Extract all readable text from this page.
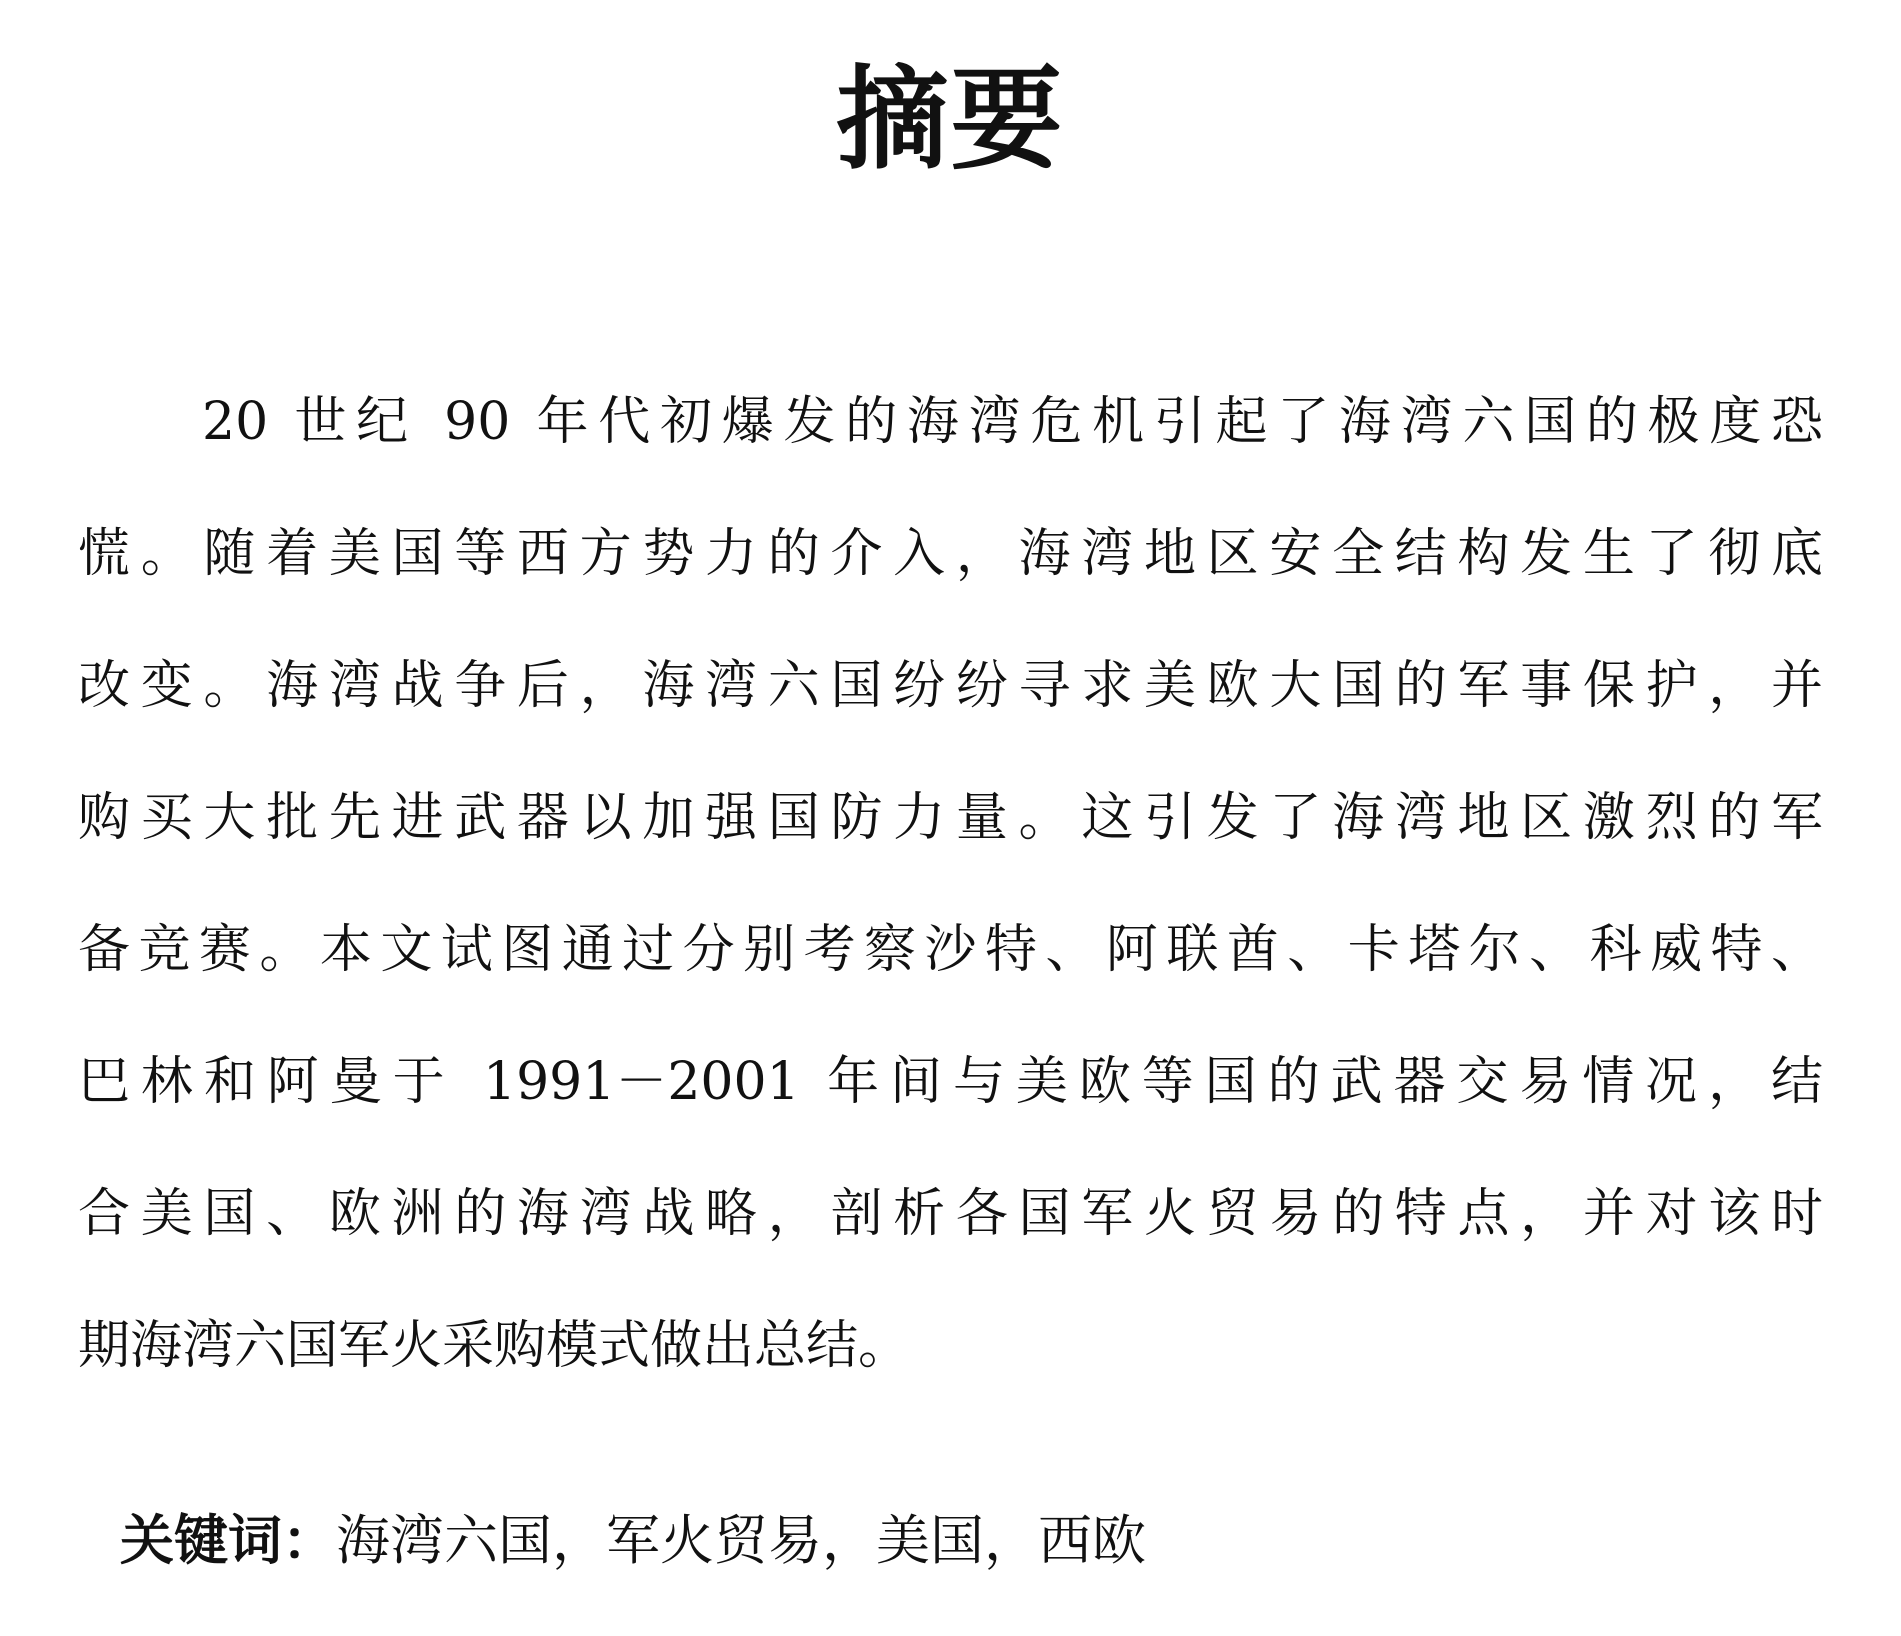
摘要
20 世纪 90 年代初爆发的海湾危机引起了海湾六国的极度恐
慌。随着美国等西方势力的介入，海湾地区安全结构发生了彻底
改变。海湾战争后，海湾六国纷纷寻求美欧大国的军事保护，并
购买大批先进武器以加强国防力量。这引发了海湾地区激烈的军
备竞赛。本文试图通过分别考察沙特、阿联酋、卡塔尔、科威特、
巴林和阿曼于 1991－2001 年间与美欧等国的武器交易情况，结
合美国、欧洲的海湾战略，剖析各国军火贸易的特点，并对该时
期海湾六国军火采购模式做出总结。
关键词：海湾六国，军火贸易，美国，西欧
